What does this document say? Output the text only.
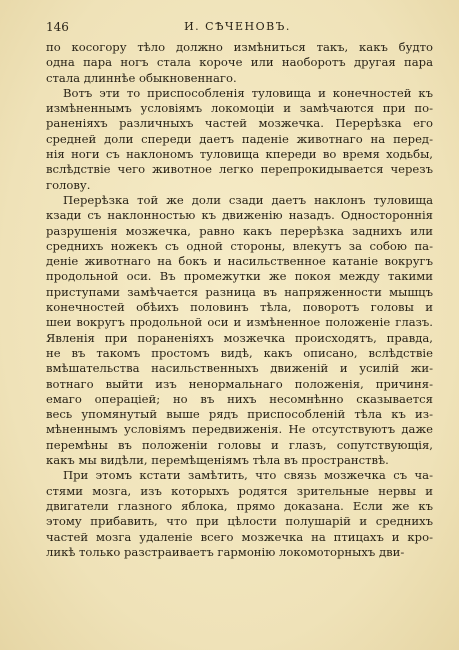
146	И. СѢЧЕНОВЪ.

по косогору тѣло должно измѣниться такъ, какъ будто
одна пара ногъ стала короче или наоборотъ другая пара
стала длиннѣе обыкновеннаго.

Вотъ эти то приспособленія туловища и конечностей къ
измѣненнымъ условіямъ локомоціи и замѣчаются при по-
раненіяхъ различныхъ частей мозжечка. Перерѣзка его
средней доли спереди даетъ паденіе животнаго на перед-
нія ноги съ наклономъ туловища кпереди во время ходьбы,
вслѣдствіе чего животное легко перепрокидывается черезъ
голову.

Перерѣзка той же доли сзади даетъ наклонъ туловища
кзади съ наклонностью къ движенію назадъ. Одностороннія
разрушенія мозжечка, равно какъ перерѣзка заднихъ или
среднихъ ножекъ съ одной стороны, влекутъ за собою па-
деніе животнаго на бокъ и насильственное катаніе вокругъ
продольной оси. Въ промежутки же покоя между такими
приступами замѣчается разница въ напряженности мышцъ
конечностей обѣихъ половинъ тѣла, поворотъ головы и
шеи вокругъ продольной оси и измѣненное положеніе глазъ.
Явленія при пораненіяхъ мозжечка происходятъ, правда,
не въ такомъ простомъ видѣ, какъ описано, вслѣдствіе
вмѣшательства насильственныхъ движеній и усилій жи-
вотнаго выйти изъ ненормальнаго положенія, причиня-
емаго операціей; но въ нихъ несомнѣнно сказывается
весь упомянутый выше рядъ приспособленій тѣла къ из-
мѣненнымъ условіямъ передвиженія. Не отсутствуютъ даже
перемѣны въ положеніи головы и глазъ, сопутствующія,
какъ мы видѣли, перемѣщеніямъ тѣла въ пространствѣ.

При этомъ кстати замѣтить, что связь мозжечка съ ча-
стями мозга, изъ которыхъ родятся зрительные нервы и
двигатели глазного яблока, прямо доказана. Если же къ
этому прибавить, что при цѣлости полушарій и среднихъ
частей мозга удаленіе всего мозжечка на птицахъ и кро-
ликѣ только разстраиваетъ гармонію локомоторныхъ дви-
